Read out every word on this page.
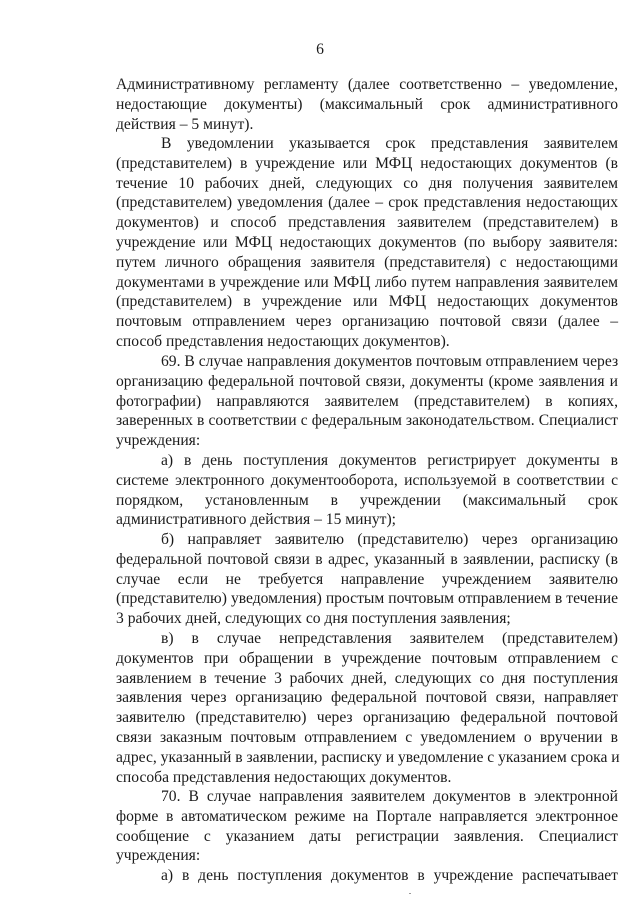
6
Административному регламенту (далее соответственно – уведомление,
недостающие документы) (максимальный срок административного
действия – 5 минут).
В уведомлении указывается срок представления заявителем
(представителем) в учреждение или МФЦ недостающих документов (в
течение 10 рабочих дней, следующих со дня получения заявителем
(представителем) уведомления (далее – срок представления недостающих
документов) и способ представления заявителем (представителем) в
учреждение или МФЦ недостающих документов (по выбору заявителя:
путем личного обращения заявителя (представителя) с недостающими
документами в учреждение или МФЦ либо путем направления заявителем
(представителем) в учреждение или МФЦ недостающих документов
почтовым отправлением через организацию почтовой связи (далее –
способ представления недостающих документов).
69. В случае направления документов почтовым отправлением через
организацию федеральной почтовой связи, документы (кроме заявления и
фотографии) направляются заявителем (представителем) в копиях,
заверенных в соответствии с федеральным законодательством. Специалист
учреждения:
а) в день поступления документов регистрирует документы в
системе электронного документооборота, используемой в соответствии с
порядком, установленным в учреждении (максимальный срок
административного действия – 15 минут);
б) направляет заявителю (представителю) через организацию
федеральной почтовой связи в адрес, указанный в заявлении, расписку (в
случае если не требуется направление учреждением заявителю
(представителю) уведомления) простым почтовым отправлением в течение
3 рабочих дней, следующих со дня поступления заявления;
в) в случае непредставления заявителем (представителем)
документов при обращении в учреждение почтовым отправлением с
заявлением в течение 3 рабочих дней, следующих со дня поступления
заявления через организацию федеральной почтовой связи, направляет
заявителю (представителю) через организацию федеральной почтовой
связи заказным почтовым отправлением с уведомлением о вручении в
адрес, указанный в заявлении, расписку и уведомление с указанием срока и
способа представления недостающих документов.
70. В случае направления заявителем документов в электронной
форме в автоматическом режиме на Портале направляется электронное
сообщение с указанием даты регистрации заявления. Специалист
учреждения:
а) в день поступления документов в учреждение распечатывает
